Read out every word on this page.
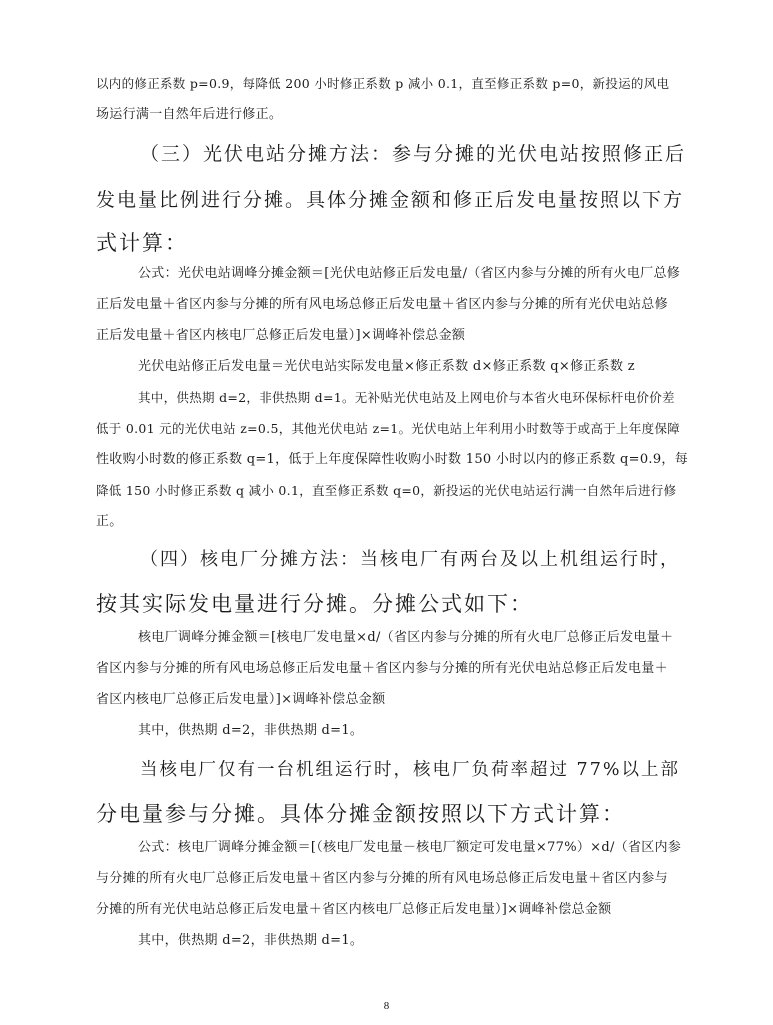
以内的修正系数 p=0.9，每降低 200 小时修正系数 p 减小 0.1，直至修正系数 p=0，新投运的风电
场运行满一自然年后进行修正。
（三）光伏电站分摊方法：参与分摊的光伏电站按照修正后
发电量比例进行分摊。具体分摊金额和修正后发电量按照以下方
式计算：
公式：光伏电站调峰分摊金额＝[光伏电站修正后发电量/（省区内参与分摊的所有火电厂总修
正后发电量＋省区内参与分摊的所有风电场总修正后发电量＋省区内参与分摊的所有光伏电站总修
正后发电量＋省区内核电厂总修正后发电量）]×调峰补偿总金额
光伏电站修正后发电量＝光伏电站实际发电量×修正系数 d×修正系数 q×修正系数 z
其中，供热期 d=2，非供热期 d=1。无补贴光伏电站及上网电价与本省火电环保标杆电价价差
低于 0.01 元的光伏电站 z=0.5，其他光伏电站 z=1。光伏电站上年利用小时数等于或高于上年度保障
性收购小时数的修正系数 q=1，低于上年度保障性收购小时数 150 小时以内的修正系数 q=0.9，每
降低 150 小时修正系数 q 减小 0.1，直至修正系数 q=0，新投运的光伏电站运行满一自然年后进行修
正。
（四）核电厂分摊方法：当核电厂有两台及以上机组运行时，
按其实际发电量进行分摊。分摊公式如下：
核电厂调峰分摊金额＝[核电厂发电量×d/（省区内参与分摊的所有火电厂总修正后发电量＋
省区内参与分摊的所有风电场总修正后发电量＋省区内参与分摊的所有光伏电站总修正后发电量＋
省区内核电厂总修正后发电量）]×调峰补偿总金额
其中，供热期 d=2，非供热期 d=1。
当核电厂仅有一台机组运行时，核电厂负荷率超过 77%以上部
分电量参与分摊。具体分摊金额按照以下方式计算：
公式：核电厂调峰分摊金额＝[（核电厂发电量－核电厂额定可发电量×77%）×d/（省区内参
与分摊的所有火电厂总修正后发电量＋省区内参与分摊的所有风电场总修正后发电量＋省区内参与
分摊的所有光伏电站总修正后发电量＋省区内核电厂总修正后发电量）]×调峰补偿总金额
其中，供热期 d=2，非供热期 d=1。
8
